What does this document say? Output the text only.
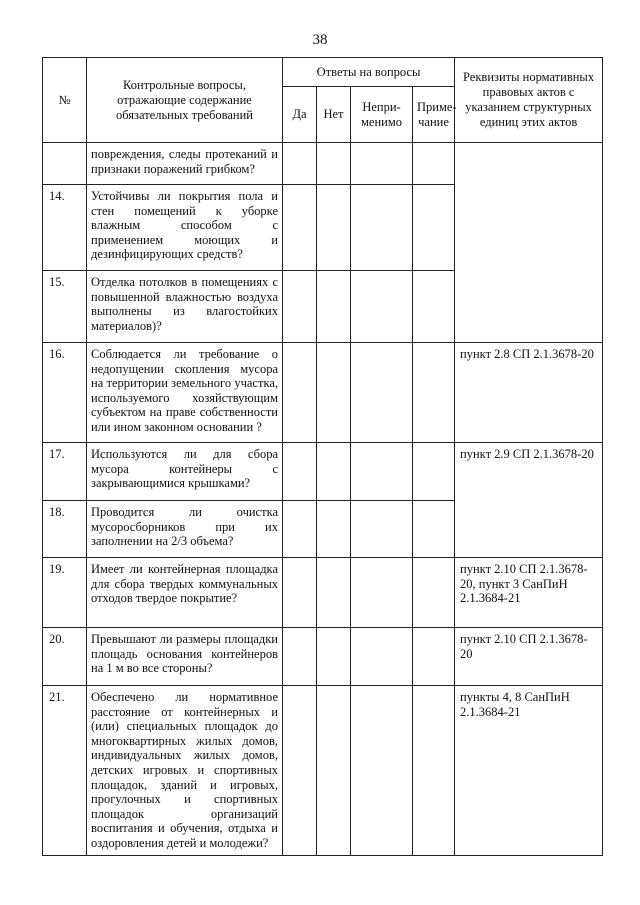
38
№	Контрольные вопросы, отражающие содержание обязательных требований	Ответы на вопросы				Реквизиты нормативных правовых актов с указанием структурных единиц этих актов
		Да	Нет	Непри-менимо	Приме-чание	
	повреждения, следы протеканий и признаки поражений грибком?					
14.	Устойчивы ли покрытия пола и стен помещений к уборке влажным способом с применением моющих и дезинфицирующих средств?					
15.	Отделка потолков в помещениях с повышенной влажностью воздуха выполнены из влагостойких материалов)?					
16.	Соблюдается ли требование о недопущении скопления мусора на территории земельного участка, используемого хозяйствующим субъектом на праве собственности или ином законном основании ?					пункт 2.8 СП 2.1.3678-20
17.	Используются ли для сбора мусора контейнеры с закрывающимися крышками?					пункт 2.9 СП 2.1.3678-20
18.	Проводится ли очистка мусоросборников при их заполнении на 2/3 объема?					
19.	Имеет ли контейнерная площадка для сбора твердых коммунальных отходов твердое покрытие?					пункт 2.10 СП 2.1.3678-20, пункт 3 СанПиН 2.1.3684-21
20.	Превышают ли размеры площадки площадь основания контейнеров на 1 м во все стороны?					пункт 2.10 СП 2.1.3678-20
21.	Обеспечено ли нормативное расстояние от контейнерных и (или) специальных площадок до многоквартирных жилых домов, индивидуальных жилых домов, детских игровых и спортивных площадок, зданий и игровых, прогулочных и спортивных площадок организаций воспитания и обучения, отдыха и оздоровления детей и молодежи?					пункты 4, 8 СанПиН 2.1.3684-21
